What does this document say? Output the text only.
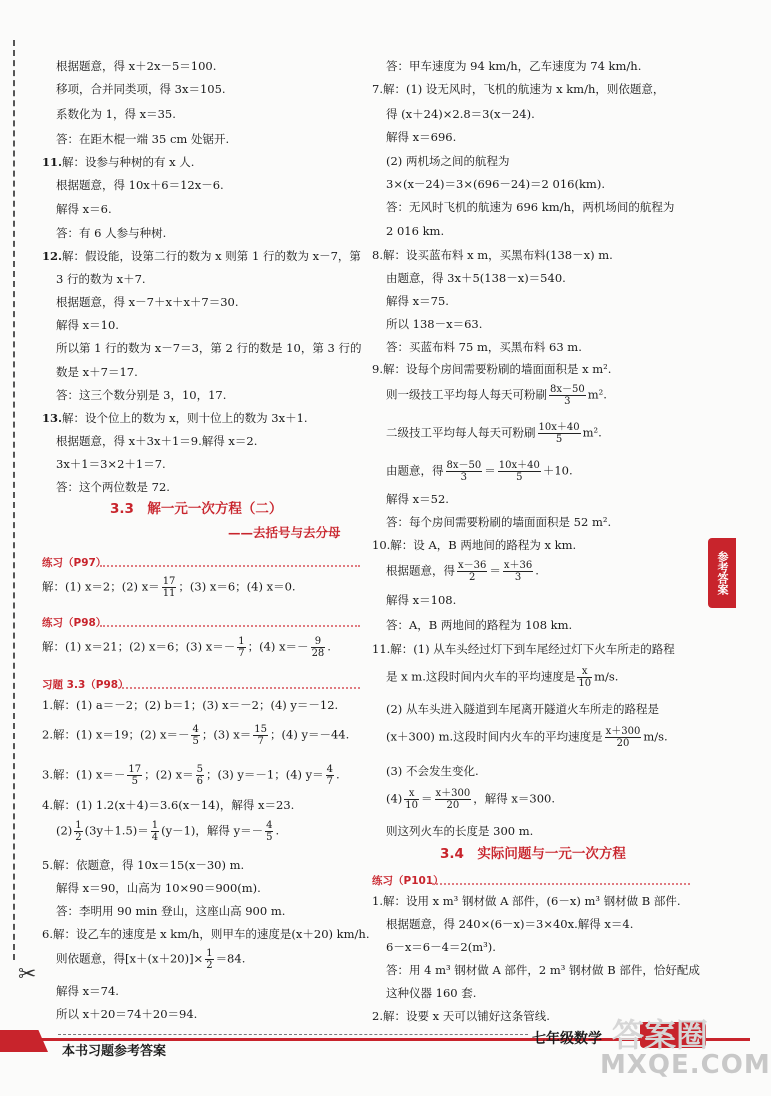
✂
根据题意，得 x＋2x－5＝100.
移项，合并同类项，得 3x＝105.
系数化为 1，得 x＝35.
答：在距木棍一端 35 cm 处锯开.
11.解：设参与种树的有 x 人.
根据题意，得 10x＋6＝12x－6.
解得 x＝6.
答：有 6 人参与种树.
12.解：假设能，设第二行的数为 x 则第 1 行的数为 x－7，第
3 行的数为 x＋7.
根据题意，得 x－7＋x＋x＋7＝30.
解得 x＝10.
所以第 1 行的数为 x－7＝3，第 2 行的数是 10，第 3 行的
数是 x＋7＝17.
答：这三个数分别是 3，10，17.
13.解：设个位上的数为 x，则十位上的数为 3x＋1.
根据题意，得 x＋3x＋1＝9.解得 x＝2.
3x＋1＝3×2＋1＝7.
答：这个两位数是 72.
3.3　解一元一次方程（二）
——去括号与去分母
练习（P97）
解：(1) x＝2；(2) $x= \frac{17}{11}$ ；(3) x＝6；(4) x＝0.
练习（P98）
解：(1) x＝21；(2) x＝6；(3) $x=- \frac{1}{7}$ ；(4) $x=- \frac{9}{28}$ .
习题 3.3（P98）
1.解：(1) a＝－2；(2) b＝1；(3) x＝－2；(4) y＝－12.
2.解：(1) x＝19；(2) $x=- \frac{4}{5}$ ；(3) $x= \frac{15}{7}$ ；(4) y＝－44.
3.解：(1) $x=- \frac{17}{5}$ ；(2) $x= \frac{5}{6}$ ；(3) y＝－1；(4) $y= \frac{4}{7}$ .
4.解：(1) 1.2(x＋4)＝3.6(x－14)，解得 x＝23.
$(2) \frac{1}{2} (3y+1.5)= \frac{1}{4} (y-1)$，解得 $y=- \frac{4}{5}$ .
5.解：依题意，得 10x＝15(x－30) m.
解得 x＝90，山高为 10×90＝900(m).
答：李明用 90 min 登山，这座山高 900 m.
6.解：设乙车的速度是 x km/h，则甲车的速度是(x＋20) km/h.
则依题意，得$[x+(x+20)]\times \frac{1}{2} =84$.
解得 x＝74.
所以 x＋20＝74＋20＝94.
答：甲车速度为 94 km/h，乙车速度为 74 km/h.
7.解：(1) 设无风时，飞机的航速为 x km/h，则依题意，
得 (x＋24)×2.8＝3(x－24).
解得 x＝696.
(2) 两机场之间的航程为
3×(x－24)＝3×(696－24)＝2 016(km).
答：无风时飞机的航速为 696 km/h，两机场间的航程为
2 016 km.
8.解：设买蓝布料 x m，买黑布料(138－x) m.
由题意，得 3x＋5(138－x)＝540.
解得 x＝75.
所以 138－x＝63.
答：买蓝布料 75 m，买黑布料 63 m.
9.解：设每个房间需要粉刷的墙面面积是 x m².
则一级技工平均每人每天可粉刷 $\frac{8x-50}{3} m^2$.
二级技工平均每人每天可粉刷 $\frac{10x+40}{5} m^2$.
由题意，得 $\frac{8x-50}{3} = \frac{10x+40}{5} +10$.
解得 x＝52.
答：每个房间需要粉刷的墙面面积是 52 m².
10.解：设 A，B 两地间的路程为 x km.
根据题意，得 $\frac{x-36}{2} = \frac{x+36}{3}$ .
解得 x＝108.
答：A，B 两地间的路程为 108 km.
11.解：(1) 从车头经过灯下到车尾经过灯下火车所走的路程
是 x m.这段时间内火车的平均速度是 $\frac{x}{10} m/s$.
(2) 从车头进入隧道到车尾离开隧道火车所走的路程是
(x＋300) m.这段时间内火车的平均速度是 $\frac{x+300}{20} m/s$.
(3) 不会发生变化.
$(4) \frac{x}{10} = \frac{x+300}{20}$ ，解得 x＝300.
则这列火车的长度是 300 m.
3.4　实际问题与一元一次方程
练习（P101）
1.解：设用 x m³ 钢材做 A 部件，(6－x) m³ 钢材做 B 部件.
根据题意，得 240×(6－x)＝3×40x.解得 x＝4.
6－x＝6－4＝2(m³).
答：用 4 m³ 钢材做 A 部件，2 m³ 钢材做 B 部件，恰好配成
这种仪器 160 套.
2.解：设要 x 天可以铺好这条管线.
参考答案
本书习题参考答案
七年级数学 答案圈
MXQE.COM
